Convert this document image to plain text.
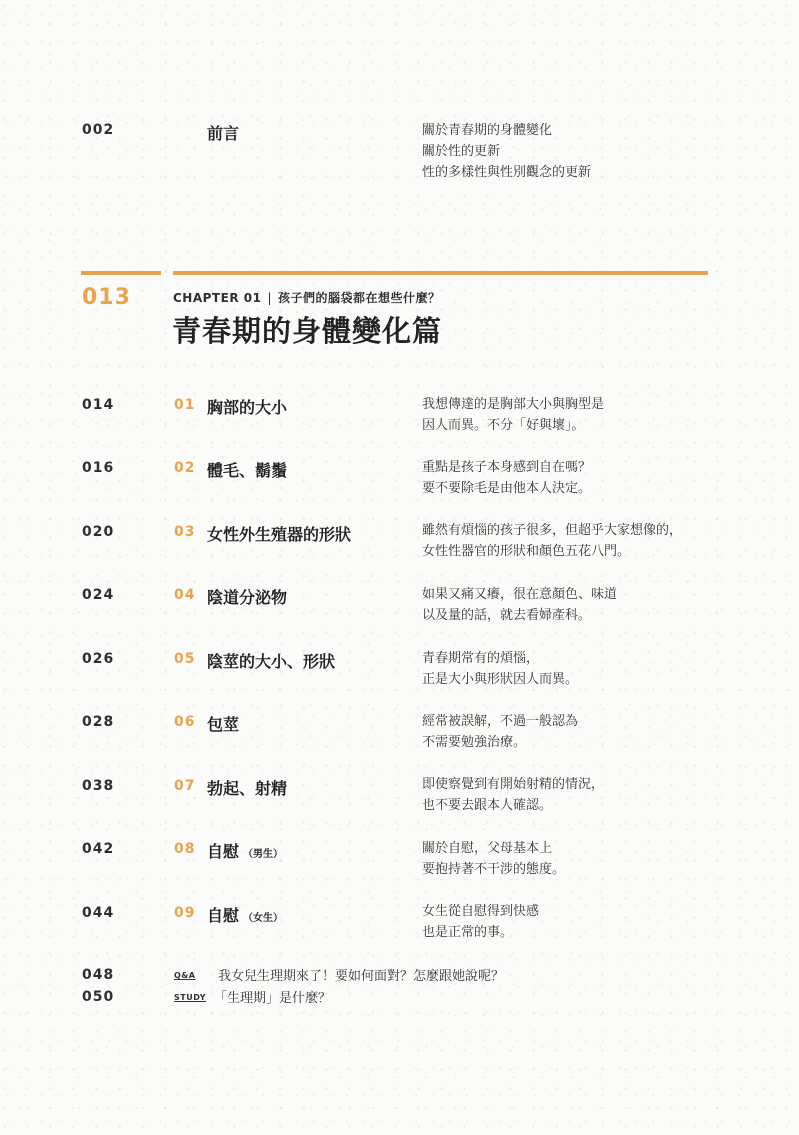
002	前言	關於青春期的身體變化
關於性的更新
性的多樣性與性別觀念的更新
013	CHAPTER 01 | 孩子們的腦袋都在想些什麼？
青春期的身體變化篇
014	01 胸部的大小	我想傳達的是胸部大小與胸型是
因人而異。不分「好與壞」。
016	02 體毛、鬍鬚	重點是孩子本身感到自在嗎？
要不要除毛是由他本人決定。
020	03 女性外生殖器的形狀	雖然有煩惱的孩子很多，但超乎大家想像的，
女性性器官的形狀和顏色五花八門。
024	04 陰道分泌物	如果又痛又癢，很在意顏色、味道
以及量的話，就去看婦產科。
026	05 陰莖的大小、形狀	青春期常有的煩惱，
正是大小與形狀因人而異。
028	06 包莖	經常被誤解，不過一般認為
不需要勉強治療。
038	07 勃起、射精	即使察覺到有開始射精的情況，
也不要去跟本人確認。
042	08 自慰 （男生）	關於自慰，父母基本上
要抱持著不干涉的態度。
044	09 自慰 （女生）	女生從自慰得到快感
也是正常的事。
048	Q&A 我女兒生理期來了！要如何面對？怎麼跟她說呢？
050	STUDY 「生理期」是什麼？
